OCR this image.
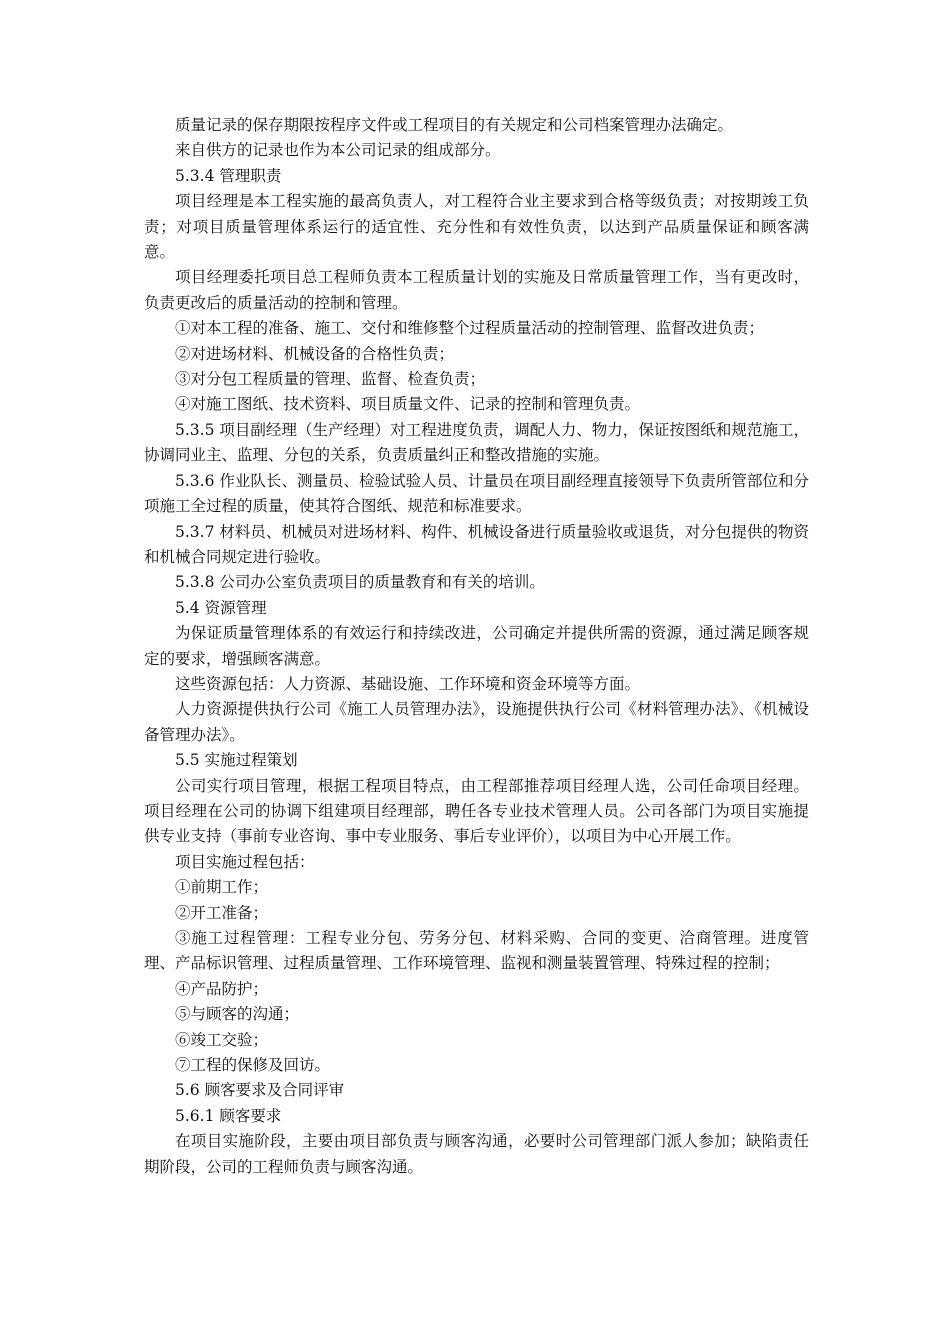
质量记录的保存期限按程序文件或工程项目的有关规定和公司档案管理办法确定。

来自供方的记录也作为本公司记录的组成部分。

5.3.4 管理职责

项目经理是本工程实施的最高负责人，对工程符合业主要求到合格等级负责；对按期竣工负责；对项目质量管理体系运行的适宜性、充分性和有效性负责，以达到产品质量保证和顾客满意。

项目经理委托项目总工程师负责本工程质量计划的实施及日常质量管理工作，当有更改时，负责更改后的质量活动的控制和管理。

①对本工程的准备、施工、交付和维修整个过程质量活动的控制管理、监督改进负责；

②对进场材料、机械设备的合格性负责；

③对分包工程质量的管理、监督、检查负责；

④对施工图纸、技术资料、项目质量文件、记录的控制和管理负责。

5.3.5 项目副经理（生产经理）对工程进度负责，调配人力、物力，保证按图纸和规范施工，协调同业主、监理、分包的关系，负责质量纠正和整改措施的实施。

5.3.6 作业队长、测量员、检验试验人员、计量员在项目副经理直接领导下负责所管部位和分项施工全过程的质量，使其符合图纸、规范和标准要求。

5.3.7 材料员、机械员对进场材料、构件、机械设备进行质量验收或退货，对分包提供的物资和机械合同规定进行验收。

5.3.8 公司办公室负责项目的质量教育和有关的培训。

5.4 资源管理

为保证质量管理体系的有效运行和持续改进，公司确定并提供所需的资源，通过满足顾客规定的要求，增强顾客满意。

这些资源包括：人力资源、基础设施、工作环境和资金环境等方面。

人力资源提供执行公司《施工人员管理办法》，设施提供执行公司《材料管理办法》、《机械设备管理办法》。

5.5 实施过程策划

公司实行项目管理，根据工程项目特点，由工程部推荐项目经理人选，公司任命项目经理。项目经理在公司的协调下组建项目经理部，聘任各专业技术管理人员。公司各部门为项目实施提供专业支持（事前专业咨询、事中专业服务、事后专业评价），以项目为中心开展工作。

项目实施过程包括：

①前期工作；

②开工准备；

③施工过程管理：工程专业分包、劳务分包、材料采购、合同的变更、洽商管理。进度管理、产品标识管理、过程质量管理、工作环境管理、监视和测量装置管理、特殊过程的控制；

④产品防护；

⑤与顾客的沟通；

⑥竣工交验；

⑦工程的保修及回访。

5.6 顾客要求及合同评审

5.6.1 顾客要求

在项目实施阶段，主要由项目部负责与顾客沟通，必要时公司管理部门派人参加；缺陷责任期阶段，公司的工程师负责与顾客沟通。
